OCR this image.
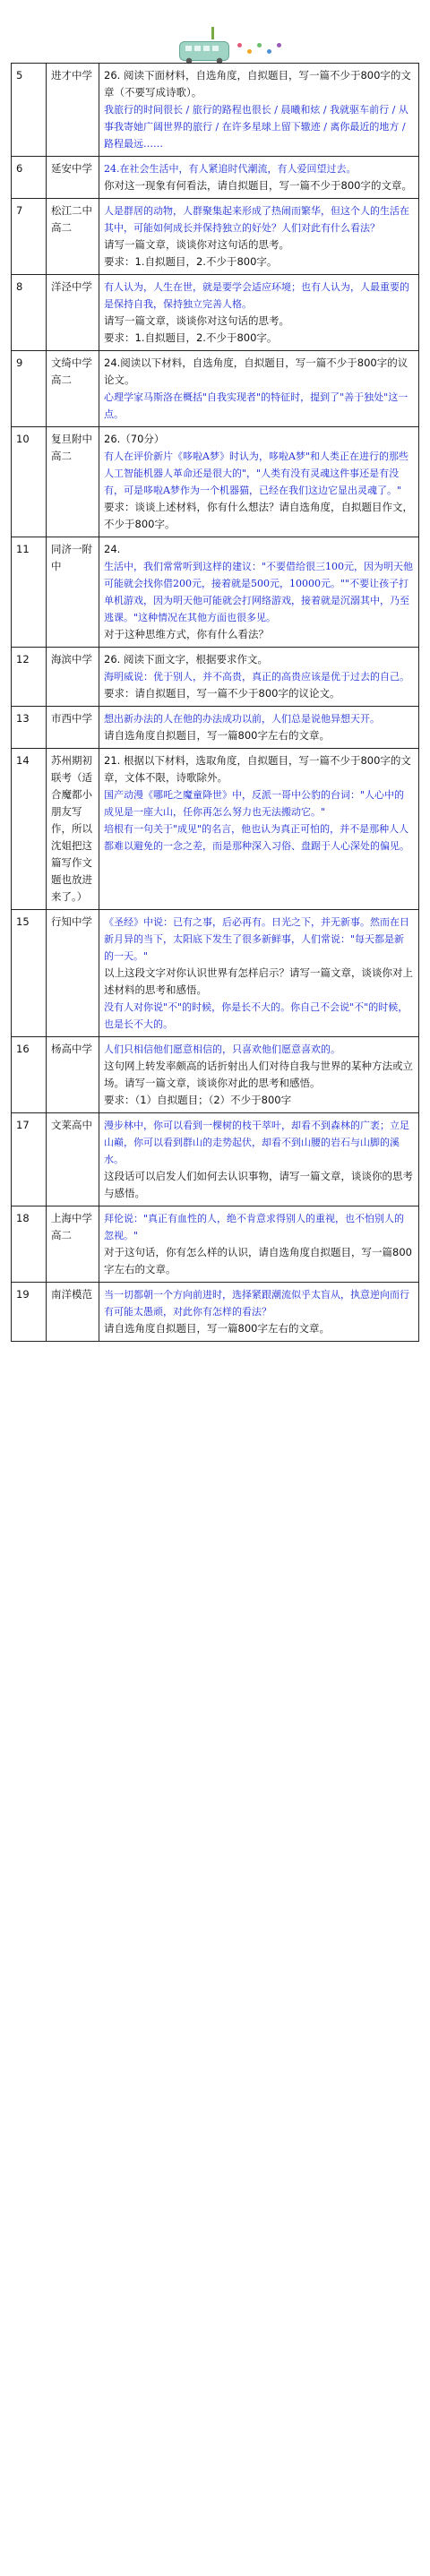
5	进才中学	26. 阅读下面材料，自选角度，自拟题目，写一篇不少于800字的文章（不要写成诗歌）。
我旅行的时间很长 / 旅行的路程也很长 / 晨曦和炫 / 我就驱车前行 / 从事我寄她广阔世界的旅行 / 在许多星球上留下辙迹 / 离你最近的地方 / 路程最远……

6	延安中学	24.在社会生活中，有人紧追时代潮流，有人爱回望过去。
你对这一现象有何看法，请自拟题目，写一篇不少于800字的文章。

7	松江二中高二	人是群居的动物，人群聚集起来形成了热闹而繁华，但这个人的生活在其中，可能如何成长并保持独立的好处？人们对此有什么看法？
请写一篇文章，谈谈你对这句话的思考。
要求：1.自拟题目，2.不少于800字。

8	洋泾中学	有人认为，人生在世，就是要学会适应环境；也有人认为，人最重要的是保持自我，保持独立完善人格。
请写一篇文章，谈谈你对这句话的思考。
要求：1.自拟题目，2.不少于800字。

9	文绮中学高二	24.阅读以下材料，自选角度，自拟题目，写一篇不少于800字的议论文。
心理学家马斯洛在概括"自我实现者"的特征时，提到了"善于独处"这一点。

10	复旦附中高二	26.（70分）
有人在评价新片《哆啦A梦》时认为，哆啦A梦"和人类正在进行的那些人工智能机器人革命还是很大的"，"人类有没有灵魂这件事还是有没有，可是哆啦A梦作为一个机器猫，已经在我们这边它显出灵魂了。"
要求：谈谈上述材料，你有什么想法？请自选角度，自拟题目作文，不少于800字。

11	同济一附中	24.
生活中，我们常常听到这样的建议："不要借给很三100元，因为明天他可能就会找你借200元，接着就是500元，10000元。""不要让孩子打单机游戏，因为明天他可能就会打网络游戏，接着就是沉溺其中，乃至逃课。"这种情况在其他方面也很多见。
对于这种思维方式，你有什么看法？

12	海滨中学	26. 阅读下面文字，根据要求作文。
海明威说：优于别人，并不高贵，真正的高贵应该是优于过去的自己。
要求：请自拟题目，写一篇不少于800字的议论文。

13	市西中学	想出新办法的人在他的办法成功以前，人们总是说他异想天开。
请自选角度自拟题目，写一篇800字左右的文章。

14	苏州期初联考（适合魔都小朋友写作，所以沈姐把这篇写作文题也放进来了。）	21. 根据以下材料，选取角度，自拟题目，写一篇不少于800字的文章，文体不限，诗歌除外。
国产动漫《哪吒之魔童降世》中，反派一哥中公豹的台词："人心中的成见是一座大山，任你再怎么努力也无法搬动它。"
培根有一句关于"成见"的名言，他也认为真正可怕的，并不是那种人人都难以避免的一念之差，而是那种深入习俗、盘踞于人心深处的偏见。

15	行知中学	《圣经》中说：已有之事，后必再有。日光之下，并无新事。然而在日新月异的当下，太阳底下发生了很多新鲜事，人们常说："每天都是新的一天。"
以上这段文字对你认识世界有怎样启示？请写一篇文章，谈谈你对上述材料的思考和感悟。
没有人对你说"不"的时候，你是长不大的。你自己不会说"不"的时候，也是长不大的。

16	杨高中学	人们只相信他们愿意相信的，只喜欢他们愿意喜欢的。
这句网上转发率颇高的话折射出人们对待自我与世界的某种方法或立场。请写一篇文章，谈谈你对此的思考和感悟。
要求：（1）自拟题目；（2）不少于800字

17	文莱高中	漫步林中，你可以看到一棵树的枝干萃叶，却看不到森林的广袤；立足山巅，你可以看到群山的走势起伏，却看不到山腰的岩石与山脚的溪水。
这段话可以启发人们如何去认识事物，请写一篇文章，谈谈你的思考与感悟。

18	上海中学高二	拜伦说："真正有血性的人，绝不肯意求得别人的重视，也不怕别人的忽视。"
对于这句话，你有怎么样的认识，请自选角度自拟题目，写一篇800字左右的文章。

19	南洋模范	当一切都朝一个方向前进时，选择紧跟潮流似乎太盲从，执意逆向而行有可能太愚顽，对此你有怎样的看法？
请自选角度自拟题目，写一篇800字左右的文章。
